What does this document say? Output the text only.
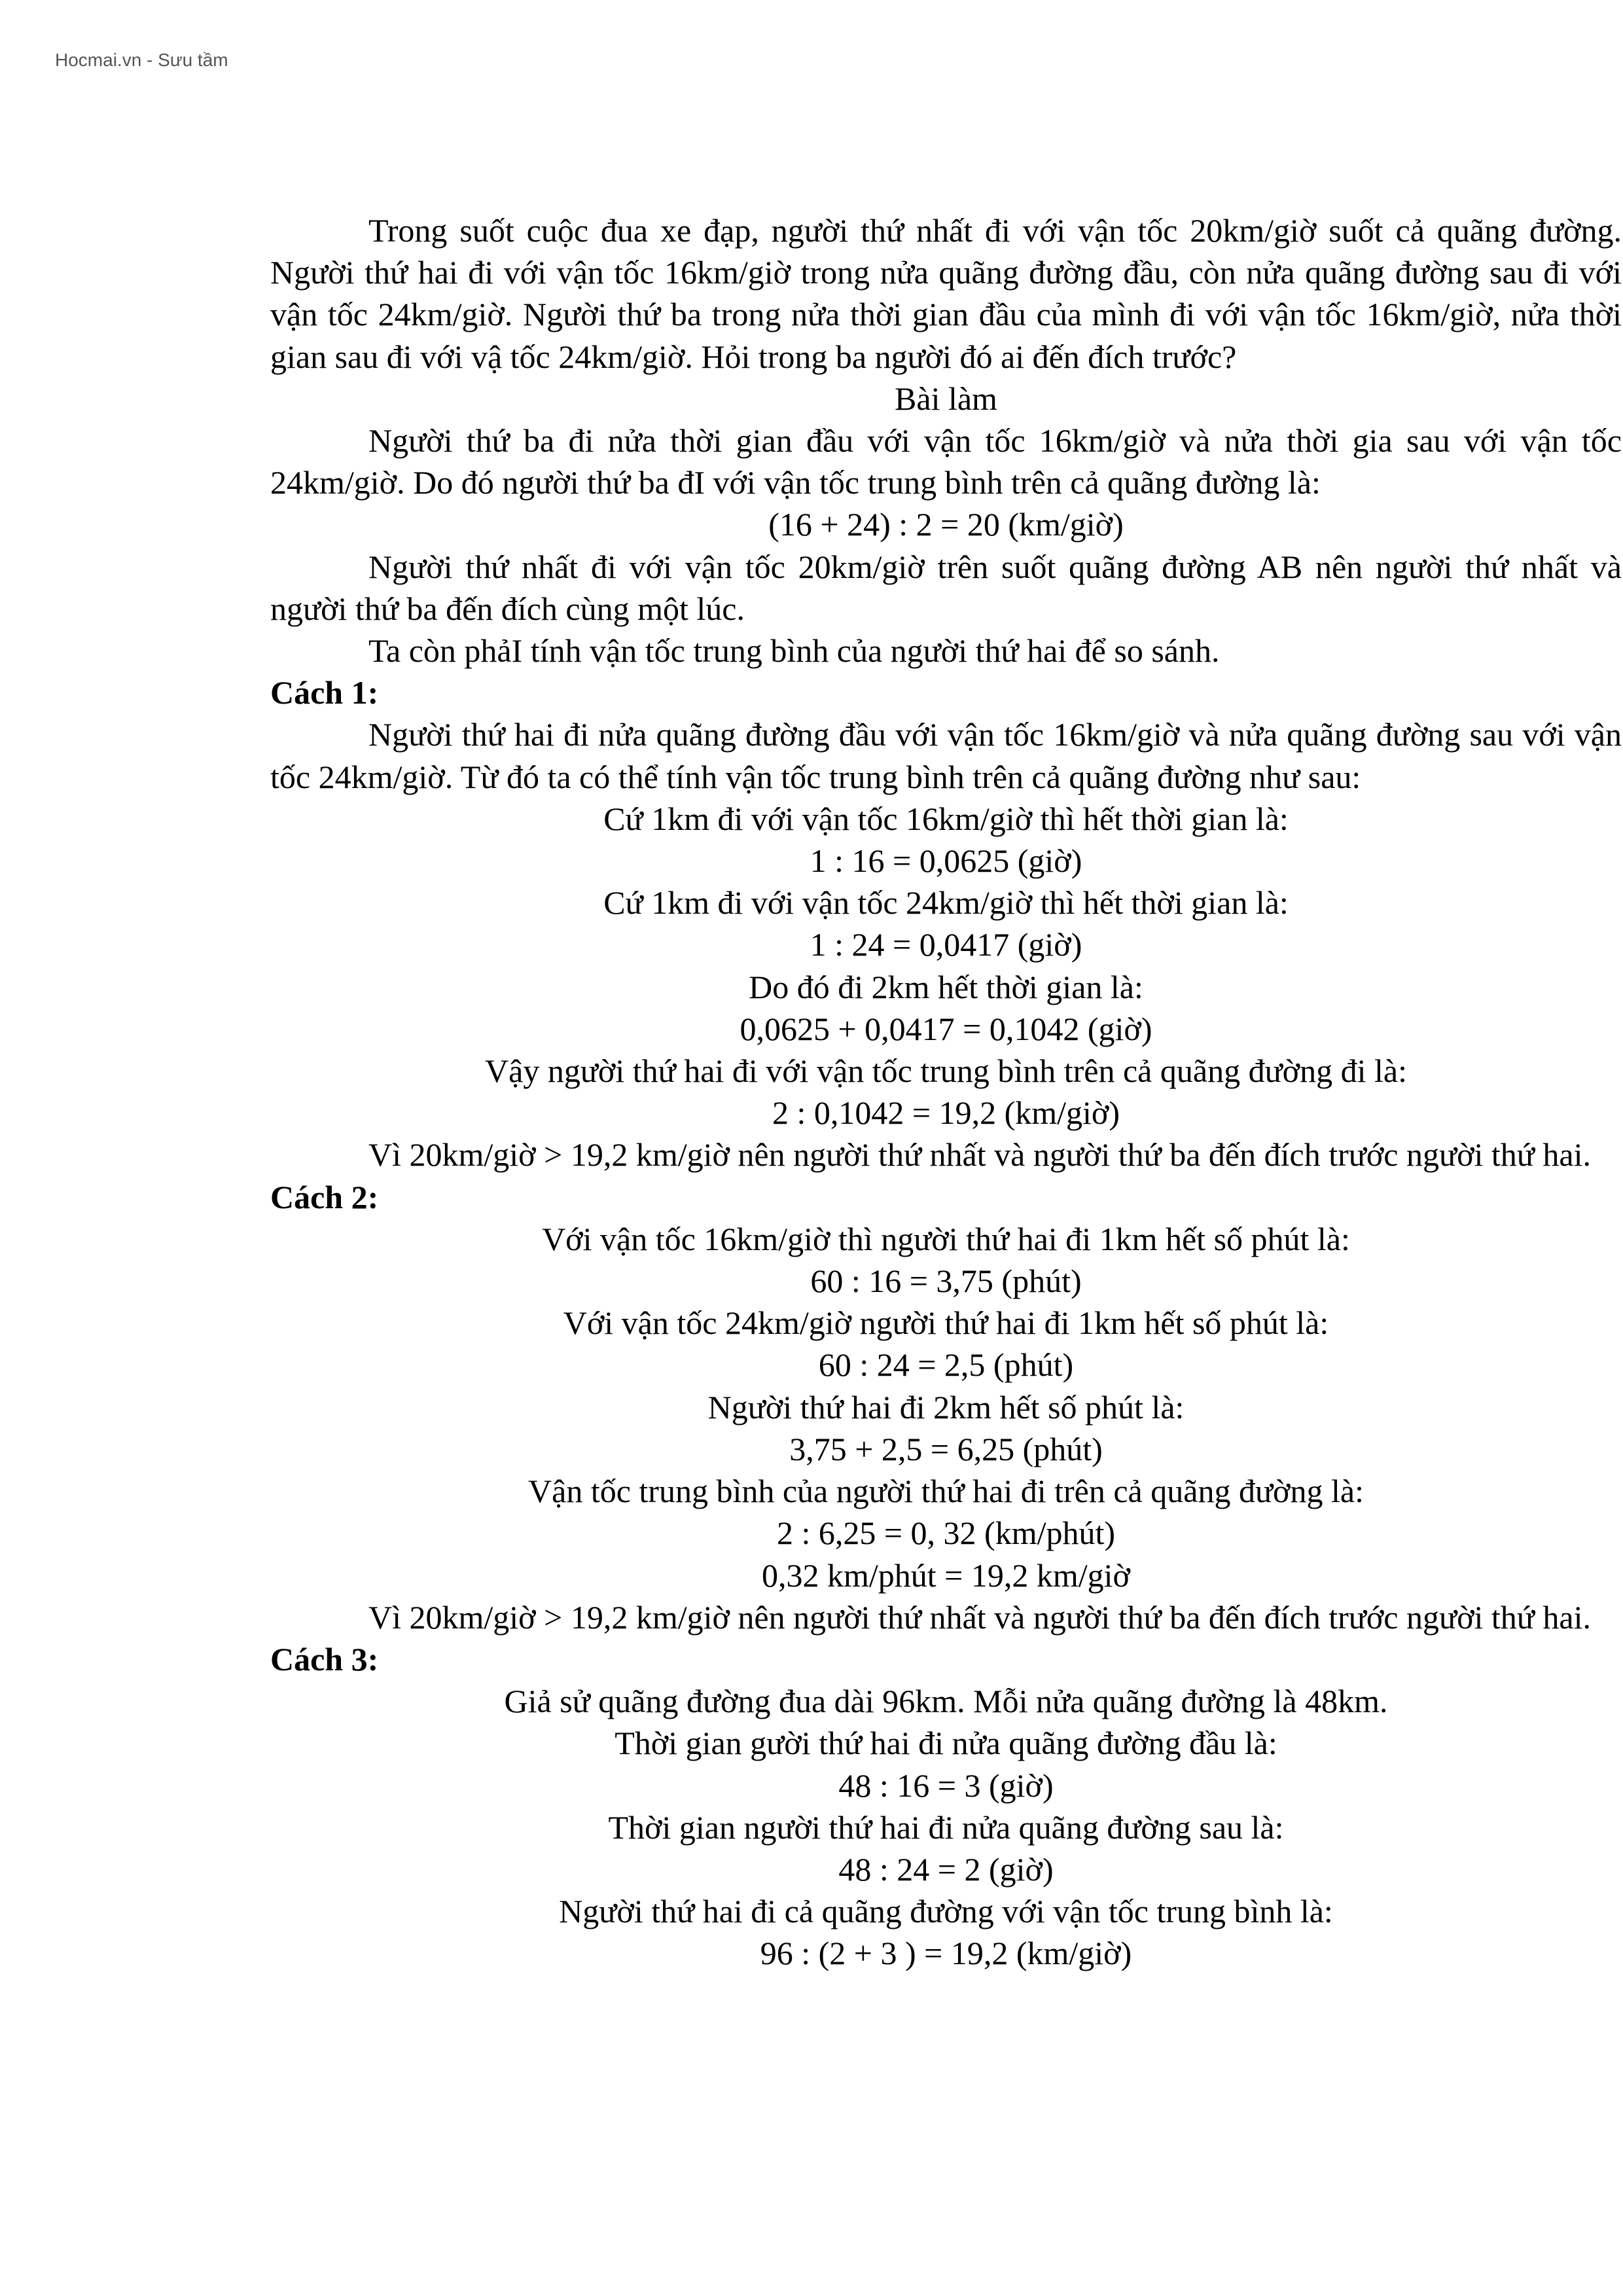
Hocmai.vn - Sưu tầm

Trong suốt cuộc đua xe đạp, người thứ nhất đi với vận tốc 20km/giờ suốt cả quãng đường. Người thứ hai đi với vận tốc 16km/giờ trong nửa quãng đường đầu, còn nửa quãng đường sau đi với vận tốc 24km/giờ. Người thứ ba trong nửa thời gian đầu của mình đi với vận tốc 16km/giờ, nửa thời gian sau đi với vậ tốc 24km/giờ. Hỏi trong ba người đó ai đến đích trước?

Bài làm

Người thứ ba đi nửa thời gian đầu với vận tốc 16km/giờ và nửa thời gia sau với vận tốc 24km/giờ. Do đó người thứ ba đI với vận tốc trung bình trên cả quãng đường là:

(16 + 24) : 2 = 20 (km/giờ)

Người thứ nhất đi với vận tốc 20km/giờ trên suốt quãng đường AB nên người thứ nhất và người thứ ba đến đích cùng một lúc.

Ta còn phảI tính vận tốc trung bình của người thứ hai để so sánh.

Cách 1:

Người thứ hai đi nửa quãng đường đầu với vận tốc 16km/giờ và nửa quãng đường sau với vận tốc 24km/giờ. Từ đó ta có thể tính vận tốc trung bình trên cả quãng đường như sau:

Cứ 1km đi với vận tốc 16km/giờ thì hết thời gian là:

1 : 16 = 0,0625 (giờ)

Cứ 1km đi với vận tốc 24km/giờ thì hết thời gian là:

1 : 24 = 0,0417 (giờ)

Do đó đi 2km hết thời gian là:

0,0625 + 0,0417 = 0,1042 (giờ)

Vậy người thứ hai đi với vận tốc trung bình trên cả quãng đường đi là:

2 : 0,1042 = 19,2 (km/giờ)

Vì 20km/giờ > 19,2 km/giờ nên người thứ nhất và người thứ ba đến đích trước người thứ hai.

Cách 2:

Với vận tốc 16km/giờ thì người thứ hai đi 1km hết số phút là:

60 : 16 = 3,75 (phút)

Với vận tốc 24km/giờ người thứ hai đi 1km hết số phút là:

60 : 24 = 2,5 (phút)

Người thứ hai đi 2km hết số phút là:

3,75 + 2,5 = 6,25 (phút)

Vận tốc trung bình của người thứ hai đi trên cả quãng đường là:

2 : 6,25 = 0, 32 (km/phút)

0,32 km/phút = 19,2 km/giờ

Vì 20km/giờ > 19,2 km/giờ nên người thứ nhất và người thứ ba đến đích trước người thứ hai.

Cách 3:

Giả sử quãng đường đua dài 96km. Mỗi nửa quãng đường là 48km.

Thời gian gười thứ hai đi nửa quãng đường đầu là:

48 : 16 = 3 (giờ)

Thời gian người thứ hai đi nửa quãng đường sau là:

48 : 24 = 2 (giờ)

Người thứ hai đi cả quãng đường với vận tốc trung bình là:

96 : (2 + 3 ) = 19,2 (km/giờ)
